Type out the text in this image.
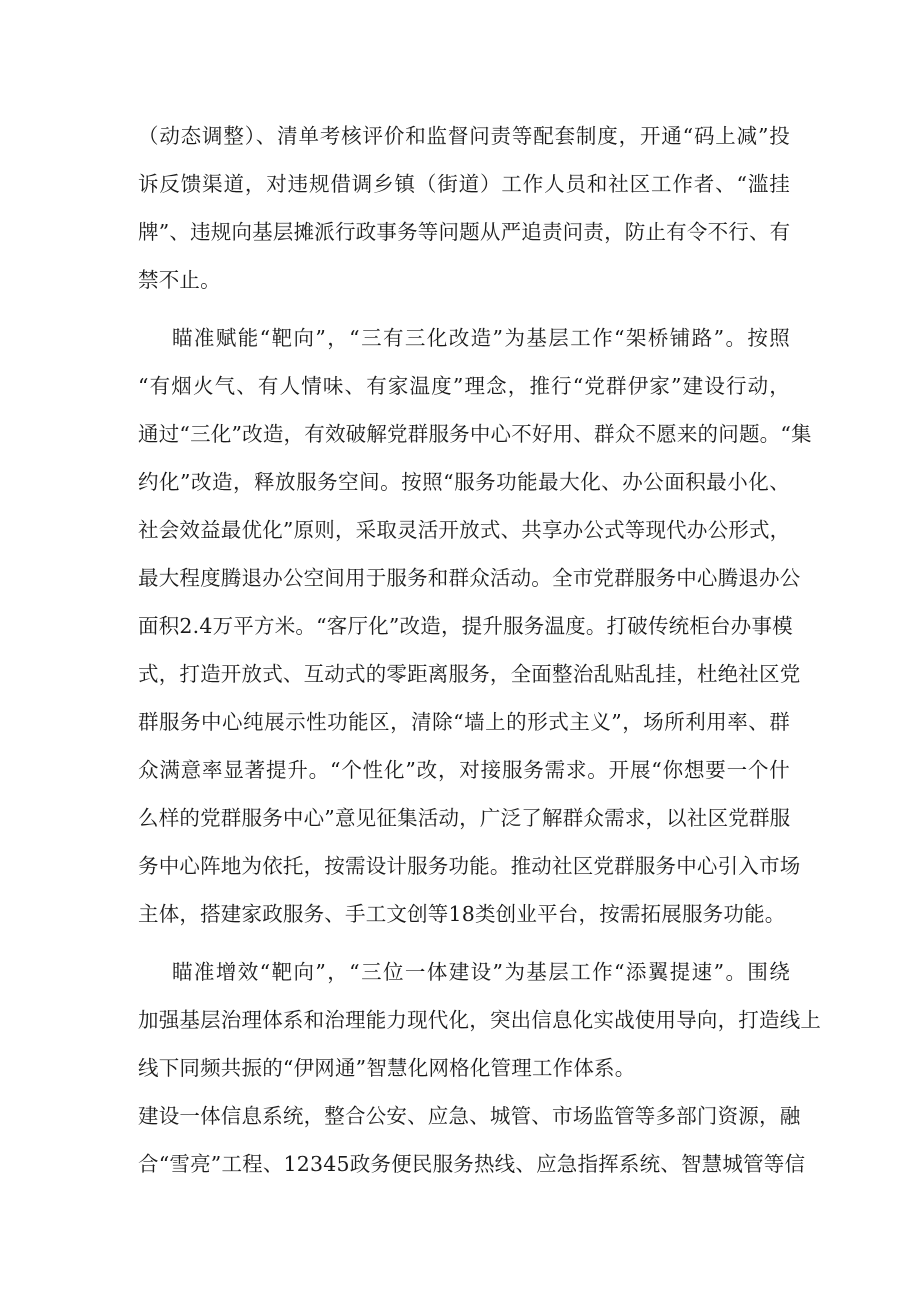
（动态调整）、清单考核评价和监督问责等配套制度，开通“码上减”投
诉反馈渠道，对违规借调乡镇（街道）工作人员和社区工作者、“滥挂
牌”、违规向基层摊派行政事务等问题从严追责问责，防止有令不行、有
禁不止。
瞄准赋能“靶向”，“三有三化改造”为基层工作“架桥铺路”。按照
“有烟火气、有人情味、有家温度”理念，推行“党群伊家”建设行动，
通过“三化”改造，有效破解党群服务中心不好用、群众不愿来的问题。“集
约化”改造，释放服务空间。按照“服务功能最大化、办公面积最小化、
社会效益最优化”原则，采取灵活开放式、共享办公式等现代办公形式，
最大程度腾退办公空间用于服务和群众活动。全市党群服务中心腾退办公
面积2.4万平方米。“客厅化”改造，提升服务温度。打破传统柜台办事模
式，打造开放式、互动式的零距离服务，全面整治乱贴乱挂，杜绝社区党
群服务中心纯展示性功能区，清除“墙上的形式主义”，场所利用率、群
众满意率显著提升。“个性化”改，对接服务需求。开展“你想要一个什
么样的党群服务中心”意见征集活动，广泛了解群众需求，以社区党群服
务中心阵地为依托，按需设计服务功能。推动社区党群服务中心引入市场
主体，搭建家政服务、手工文创等18类创业平台，按需拓展服务功能。
瞄准增效“靶向”，“三位一体建设”为基层工作“添翼提速”。围绕
加强基层治理体系和治理能力现代化，突出信息化实战使用导向，打造线上
线下同频共振的“伊网通”智慧化网格化管理工作体系。
建设一体信息系统，整合公安、应急、城管、市场监管等多部门资源，融
合“雪亮”工程、12345政务便民服务热线、应急指挥系统、智慧城管等信
